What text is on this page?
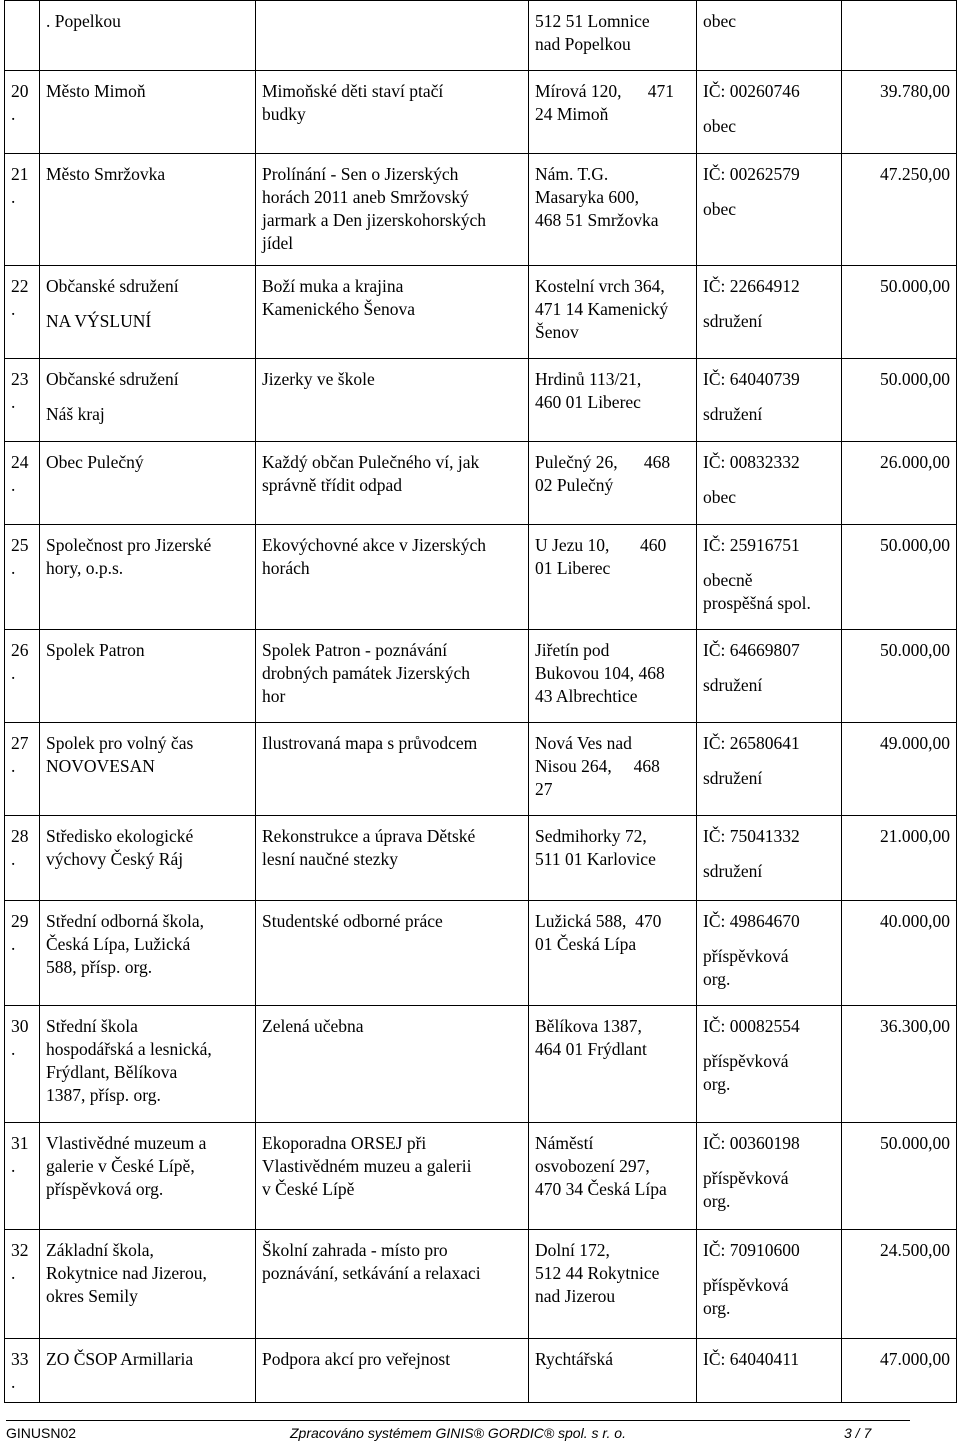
	. Popelkou		512 51 Lomnice
nad Popelkou	obec	

20
.	Město Mimoň	Mimoňské děti staví ptačí
budky	Mírová 120,      471
24 Mimoň	IČ: 00260746
obec	39.780,00

21
.	Město Smržovka	Prolínání - Sen o Jizerských
horách 2011 aneb Smržovský
jarmark a Den jizerskohorských
jídel	Nám. T.G.
Masaryka 600,
468 51 Smržovka	IČ: 00262579
obec	47.250,00

22
.	Občanské sdružení
NA VÝSLUNÍ	Boží muka a krajina
Kamenického Šenova	Kostelní vrch 364,
471 14 Kamenický
Šenov	IČ: 22664912
sdružení	50.000,00

23
.	Občanské sdružení
Náš kraj	Jizerky ve škole	Hrdinů 113/21,
460 01 Liberec	IČ: 64040739
sdružení	50.000,00

24
.	Obec Pulečný	Každý občan Pulečného ví, jak
správně třídit odpad	Pulečný 26,      468
02 Pulečný	IČ: 00832332
obec	26.000,00

25
.	Společnost pro Jizerské
hory, o.p.s.	Ekovýchovné akce v Jizerských
horách	U Jezu 10,       460
01 Liberec	IČ: 25916751
obecně
prospěšná spol.	50.000,00

26
.	Spolek Patron	Spolek Patron - poznávání
drobných památek Jizerských
hor	Jiřetín pod
Bukovou 104, 468
43 Albrechtice	IČ: 64669807
sdružení	50.000,00

27
.	Spolek pro volný čas
NOVOVESAN	Ilustrovaná mapa s průvodcem	Nová Ves nad
Nisou 264,     468
27	IČ: 26580641
sdružení	49.000,00

28
.	Středisko ekologické
výchovy Český Ráj	Rekonstrukce a úprava Dětské
lesní naučné stezky	Sedmihorky 72,
511 01 Karlovice	IČ: 75041332
sdružení	21.000,00

29
.	Střední odborná škola,
Česká Lípa, Lužická
588, přísp. org.	Studentské odborné práce	Lužická 588,  470
01 Česká Lípa	IČ: 49864670
příspěvková
org.	40.000,00

30
.	Střední škola
hospodářská a lesnická,
Frýdlant, Bělíkova
1387, přísp. org.	Zelená učebna	Bělíkova 1387,
464 01 Frýdlant	IČ: 00082554
příspěvková
org.	36.300,00

31
.	Vlastivědné muzeum a
galerie v České Lípě,
příspěvková org.	Ekoporadna ORSEJ při
Vlastivědném muzeu a galerii
v České Lípě	Náměstí
osvobození 297,
470 34 Česká Lípa	IČ: 00360198
příspěvková
org.	50.000,00

32
.	Základní škola,
Rokytnice nad Jizerou,
okres Semily	Školní zahrada - místo pro
poznávání, setkávání a relaxaci	Dolní 172,
512 44 Rokytnice
nad Jizerou	IČ: 70910600
příspěvková
org.	24.500,00

33
.	ZO ČSOP Armillaria	Podpora akcí pro veřejnost	Rychtářská	IČ: 64040411	47.000,00
GINUSN02	Zpracováno systémem GINIS® GORDIC® spol. s r. o.	3 / 7
